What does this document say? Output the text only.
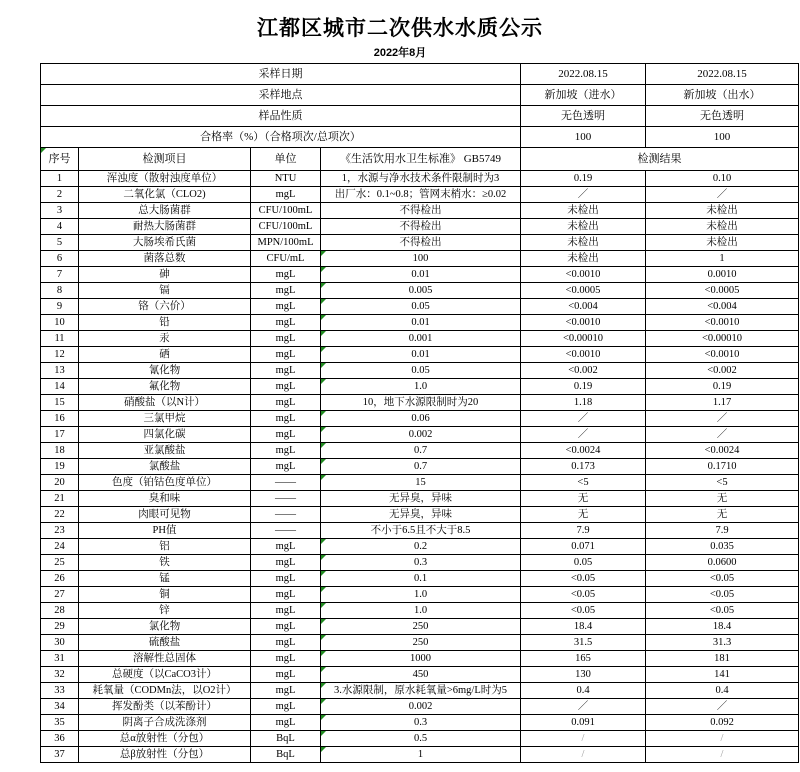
江都区城市二次供水水质公示
2022年8月
采样日期				2022.08.15	2022.08.15
采样地点				新加坡（进水）	新加坡（出水）
样品性质				无色透明	无色透明
合格率（%）（合格项次/总项次）				100	100

序号	检测项目	单位	《生活饮用水卫生标准》 GB5749	检测结果	
1	浑浊度（散射浊度单位）	NTU	1，水源与净水技术条件限制时为3	0.19	0.10
2	二氧化氯（CLO2)	mgL	出厂水：0.1~0.8；管网末梢水：≥0.02	／	／
3	总大肠菌群	CFU/100mL	不得检出	未检出	未检出
4	耐热大肠菌群	CFU/100mL	不得检出	未检出	未检出
5	大肠埃希氏菌	MPN/100mL	不得检出	未检出	未检出
6	菌落总数	CFU/mL	100	未检出	1
7	砷	mgL	0.01	<0.0010	0.0010
8	镉	mgL	0.005	<0.0005	<0.0005
9	铬（六价）	mgL	0.05	<0.004	<0.004
10	铅	mgL	0.01	<0.0010	<0.0010
11	汞	mgL	0.001	<0.00010	<0.00010
12	硒	mgL	0.01	<0.0010	<0.0010
13	氰化物	mgL	0.05	<0.002	<0.002
14	氟化物	mgL	1.0	0.19	0.19
15	硝酸盐（以N计）	mgL	10，地下水源限制时为20	1.18	1.17
16	三氯甲烷	mgL	0.06	／	／
17	四氯化碳	mgL	0.002	／	／
18	亚氯酸盐	mgL	0.7	<0.0024	<0.0024
19	氯酸盐	mgL	0.7	0.173	0.1710
20	色度（铂钴色度单位）	——	15	<5	<5
21	臭和味	——	无异臭，异味	无	无
22	肉眼可见物	——	无异臭，异味	无	无
23	PH值	——	不小于6.5且不大于8.5	7.9	7.9
24	铝	mgL	0.2	0.071	0.035
25	铁	mgL	0.3	0.05	0.0600
26	锰	mgL	0.1	<0.05	<0.05
27	铜	mgL	1.0	<0.05	<0.05
28	锌	mgL	1.0	<0.05	<0.05
29	氯化物	mgL	250	18.4	18.4
30	硫酸盐	mgL	250	31.5	31.3
31	溶解性总固体	mgL	1000	165	181
32	总硬度（以CaCO3计）	mgL	450	130	141
33	耗氧量（CODMn法，以O2计）	mgL	3.水源限制，原水耗氧量>6mg/L时为5	0.4	0.4
34	挥发酚类（以苯酚计）	mgL	0.002	／	／
35	阴离子合成洗涤剂	mgL	0.3	0.091	0.092
36	总α放射性（分包）	BqL	0.5	/	/
37	总β放射性（分包）	BqL	1	/	/
